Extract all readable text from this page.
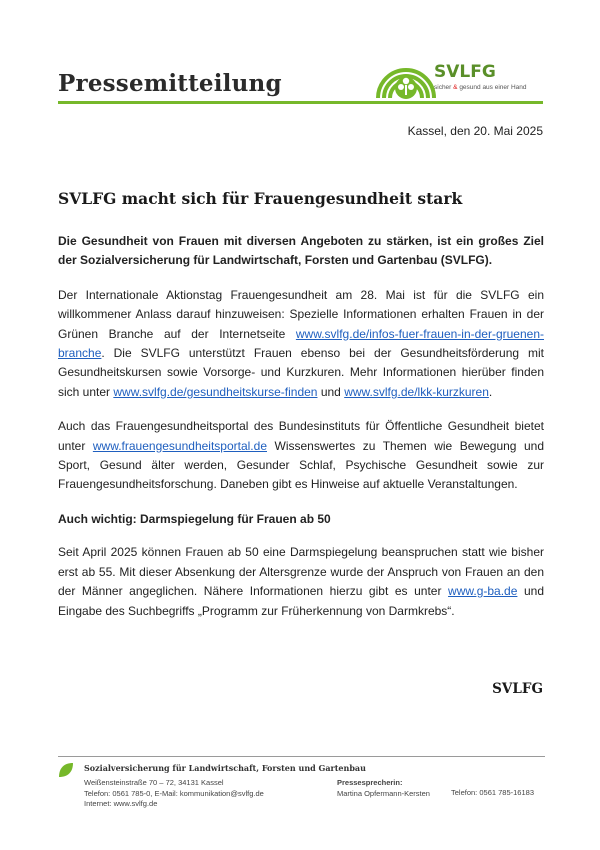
Pressemitteilung	SVLFG
sicher & gesund aus einer Hand
Kassel, den 20. Mai 2025
SVLFG macht sich für Frauengesundheit stark

Die Gesundheit von Frauen mit diversen Angeboten zu stärken, ist ein großes Ziel der Sozialversicherung für Landwirtschaft, Forsten und Gartenbau (SVLFG).

Der Internationale Aktionstag Frauengesundheit am 28. Mai ist für die SVLFG ein willkommener Anlass darauf hinzuweisen: Spezielle Informationen erhalten Frauen in der Grünen Branche auf der Internetseite www.svlfg.de/infos-fuer-frauen-in-der-gruenen-branche. Die SVLFG unterstützt Frauen ebenso bei der Gesundheitsförderung mit Gesundheitskursen sowie Vorsorge- und Kurzkuren. Mehr Informationen hierüber finden sich unter www.svlfg.de/gesundheitskurse-finden und www.svlfg.de/lkk-kurzkuren.

Auch das Frauengesundheitsportal des Bundesinstituts für Öffentliche Gesundheit bietet unter www.frauengesundheitsportal.de Wissenswertes zu Themen wie Bewegung und Sport, Gesund älter werden, Gesunder Schlaf, Psychische Gesundheit sowie zur Frauengesundheitsforschung. Daneben gibt es Hinweise auf aktuelle Veranstaltungen.

Auch wichtig: Darmspiegelung für Frauen ab 50

Seit April 2025 können Frauen ab 50 eine Darmspiegelung beanspruchen statt wie bisher erst ab 55. Mit dieser Absenkung der Altersgrenze wurde der Anspruch von Frauen an den der Männer angeglichen. Nähere Informationen hierzu gibt es unter www.g-ba.de und Eingabe des Suchbegriffs „Programm zur Früherkennung von Darmkrebs“.

SVLFG
Sozialversicherung für Landwirtschaft, Forsten und Gartenbau
Weißensteinstraße 70 – 72, 34131 Kassel
Telefon: 0561 785-0, E-Mail: kommunikation@svlfg.de
Internet: www.svlfg.de
Pressesprecherin:
Martina Opfermann-Kersten	Telefon: 0561 785-16183
